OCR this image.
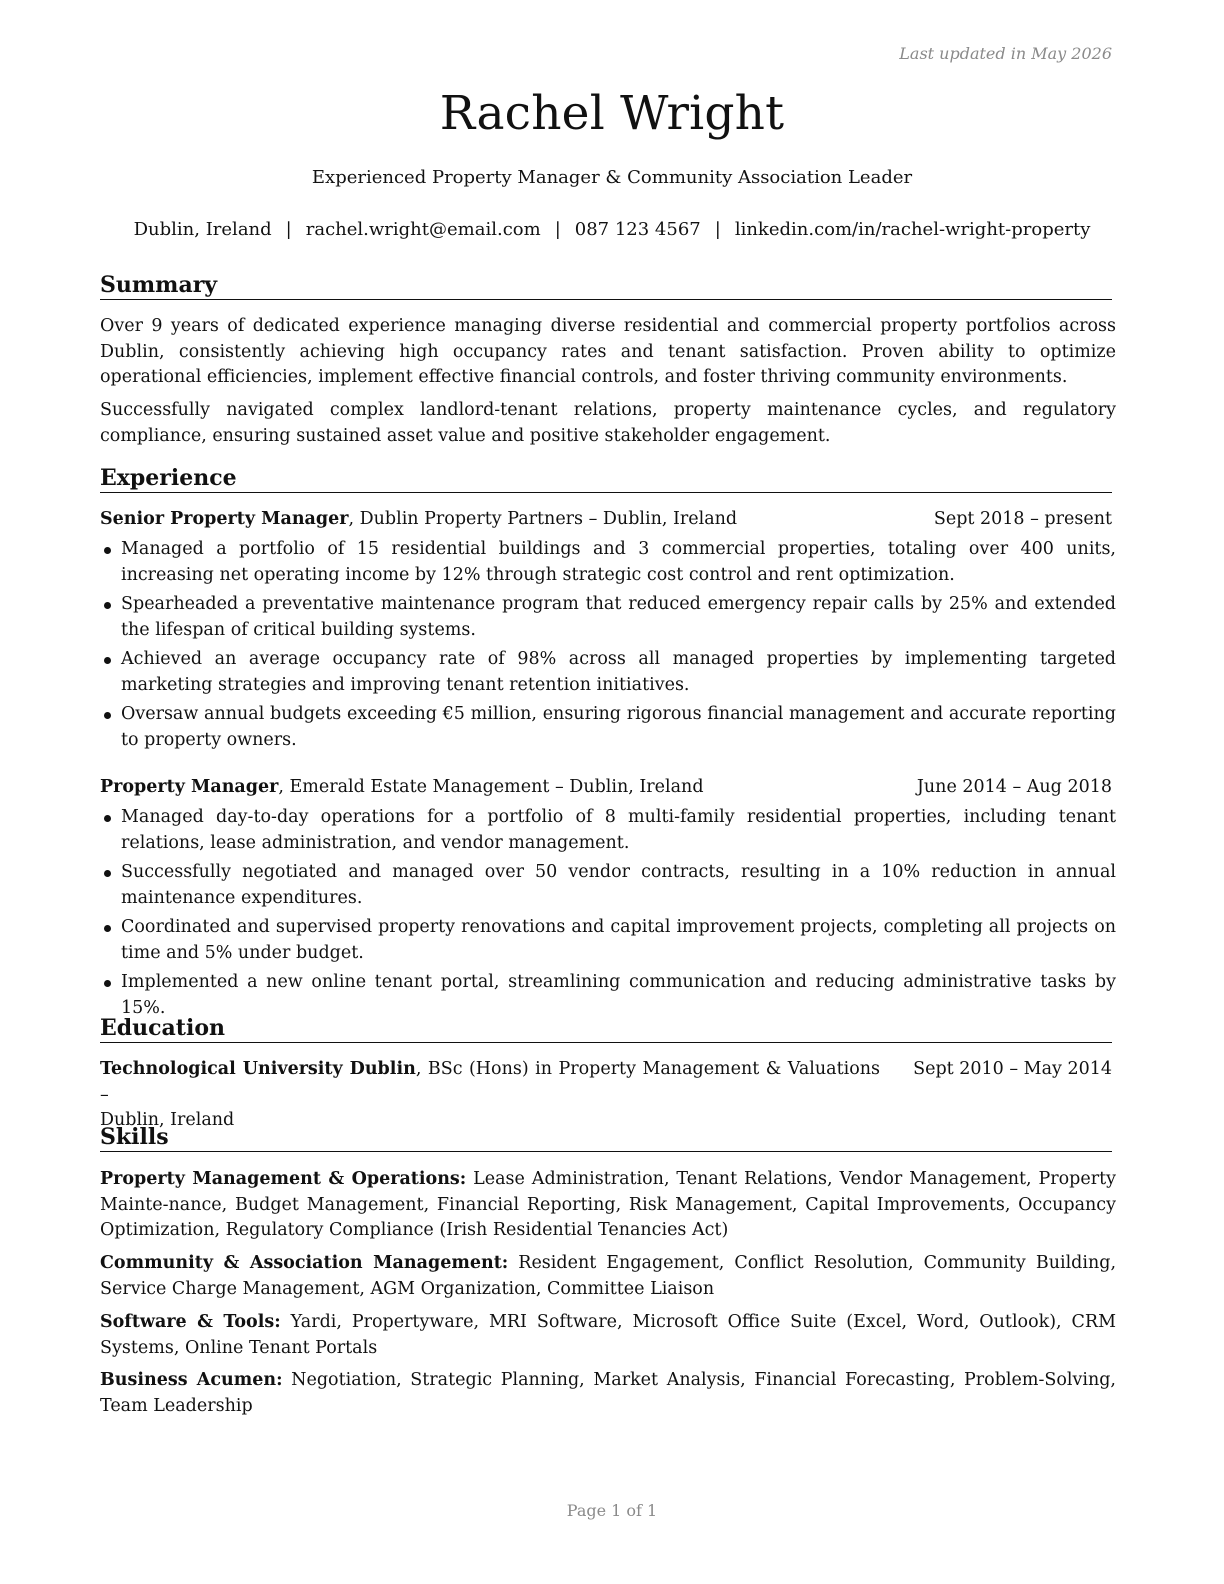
Last updated in May 2026
Rachel Wright
Experienced Property Manager & Community Association Leader
Dublin, Ireland | rachel.wright@email.com | 087 123 4567 | linkedin.com/in/rachel-wright-property
Summary

Over 9 years of dedicated experience managing diverse residential and commercial property portfolios across Dublin, consistently achieving high occupancy rates and tenant satisfaction. Proven ability to optimize operational efficiencies, implement effective financial controls, and foster thriving community environments.

Successfully navigated complex landlord-tenant relations, property maintenance cycles, and regulatory compliance, ensuring sustained asset value and positive stakeholder engagement.

Experience
Senior Property Manager, Dublin Property Partners – Dublin, Ireland	Sept 2018 – present
Managed a portfolio of 15 residential buildings and 3 commercial properties, totaling over 400 units, increasing net operating income by 12% through strategic cost control and rent optimization.
Spearheaded a preventative maintenance program that reduced emergency repair calls by 25% and extended the lifespan of critical building systems.
Achieved an average occupancy rate of 98% across all managed properties by implementing targeted marketing strategies and improving tenant retention initiatives.
Oversaw annual budgets exceeding €5 million, ensuring rigorous financial management and accurate reporting to property owners.
Property Manager, Emerald Estate Management – Dublin, Ireland	June 2014 – Aug 2018
Managed day-to-day operations for a portfolio of 8 multi-family residential properties, including tenant relations, lease administration, and vendor management.
Successfully negotiated and managed over 50 vendor contracts, resulting in a 10% reduction in annual maintenance expenditures.
Coordinated and supervised property renovations and capital improvement projects, completing all projects on time and 5% under budget.
Implemented a new online tenant portal, streamlining communication and reducing administrative tasks by 15%.
Education
Technological University Dublin, BSc (Hons) in Property Management & Valuations –
Dublin, Ireland
Sept 2010 – May 2014
Skills

Property Management & Operations: Lease Administration, Tenant Relations, Vendor Management, Property Mainte-nance, Budget Management, Financial Reporting, Risk Management, Capital Improvements, Occupancy Optimization, Regulatory Compliance (Irish Residential Tenancies Act)

Community & Association Management: Resident Engagement, Conflict Resolution, Community Building, Service Charge Management, AGM Organization, Committee Liaison

Software & Tools: Yardi, Propertyware, MRI Software, Microsoft Office Suite (Excel, Word, Outlook), CRM Systems, Online Tenant Portals

Business Acumen: Negotiation, Strategic Planning, Market Analysis, Financial Forecasting, Problem-Solving, Team Leadership

Page 1 of 1
